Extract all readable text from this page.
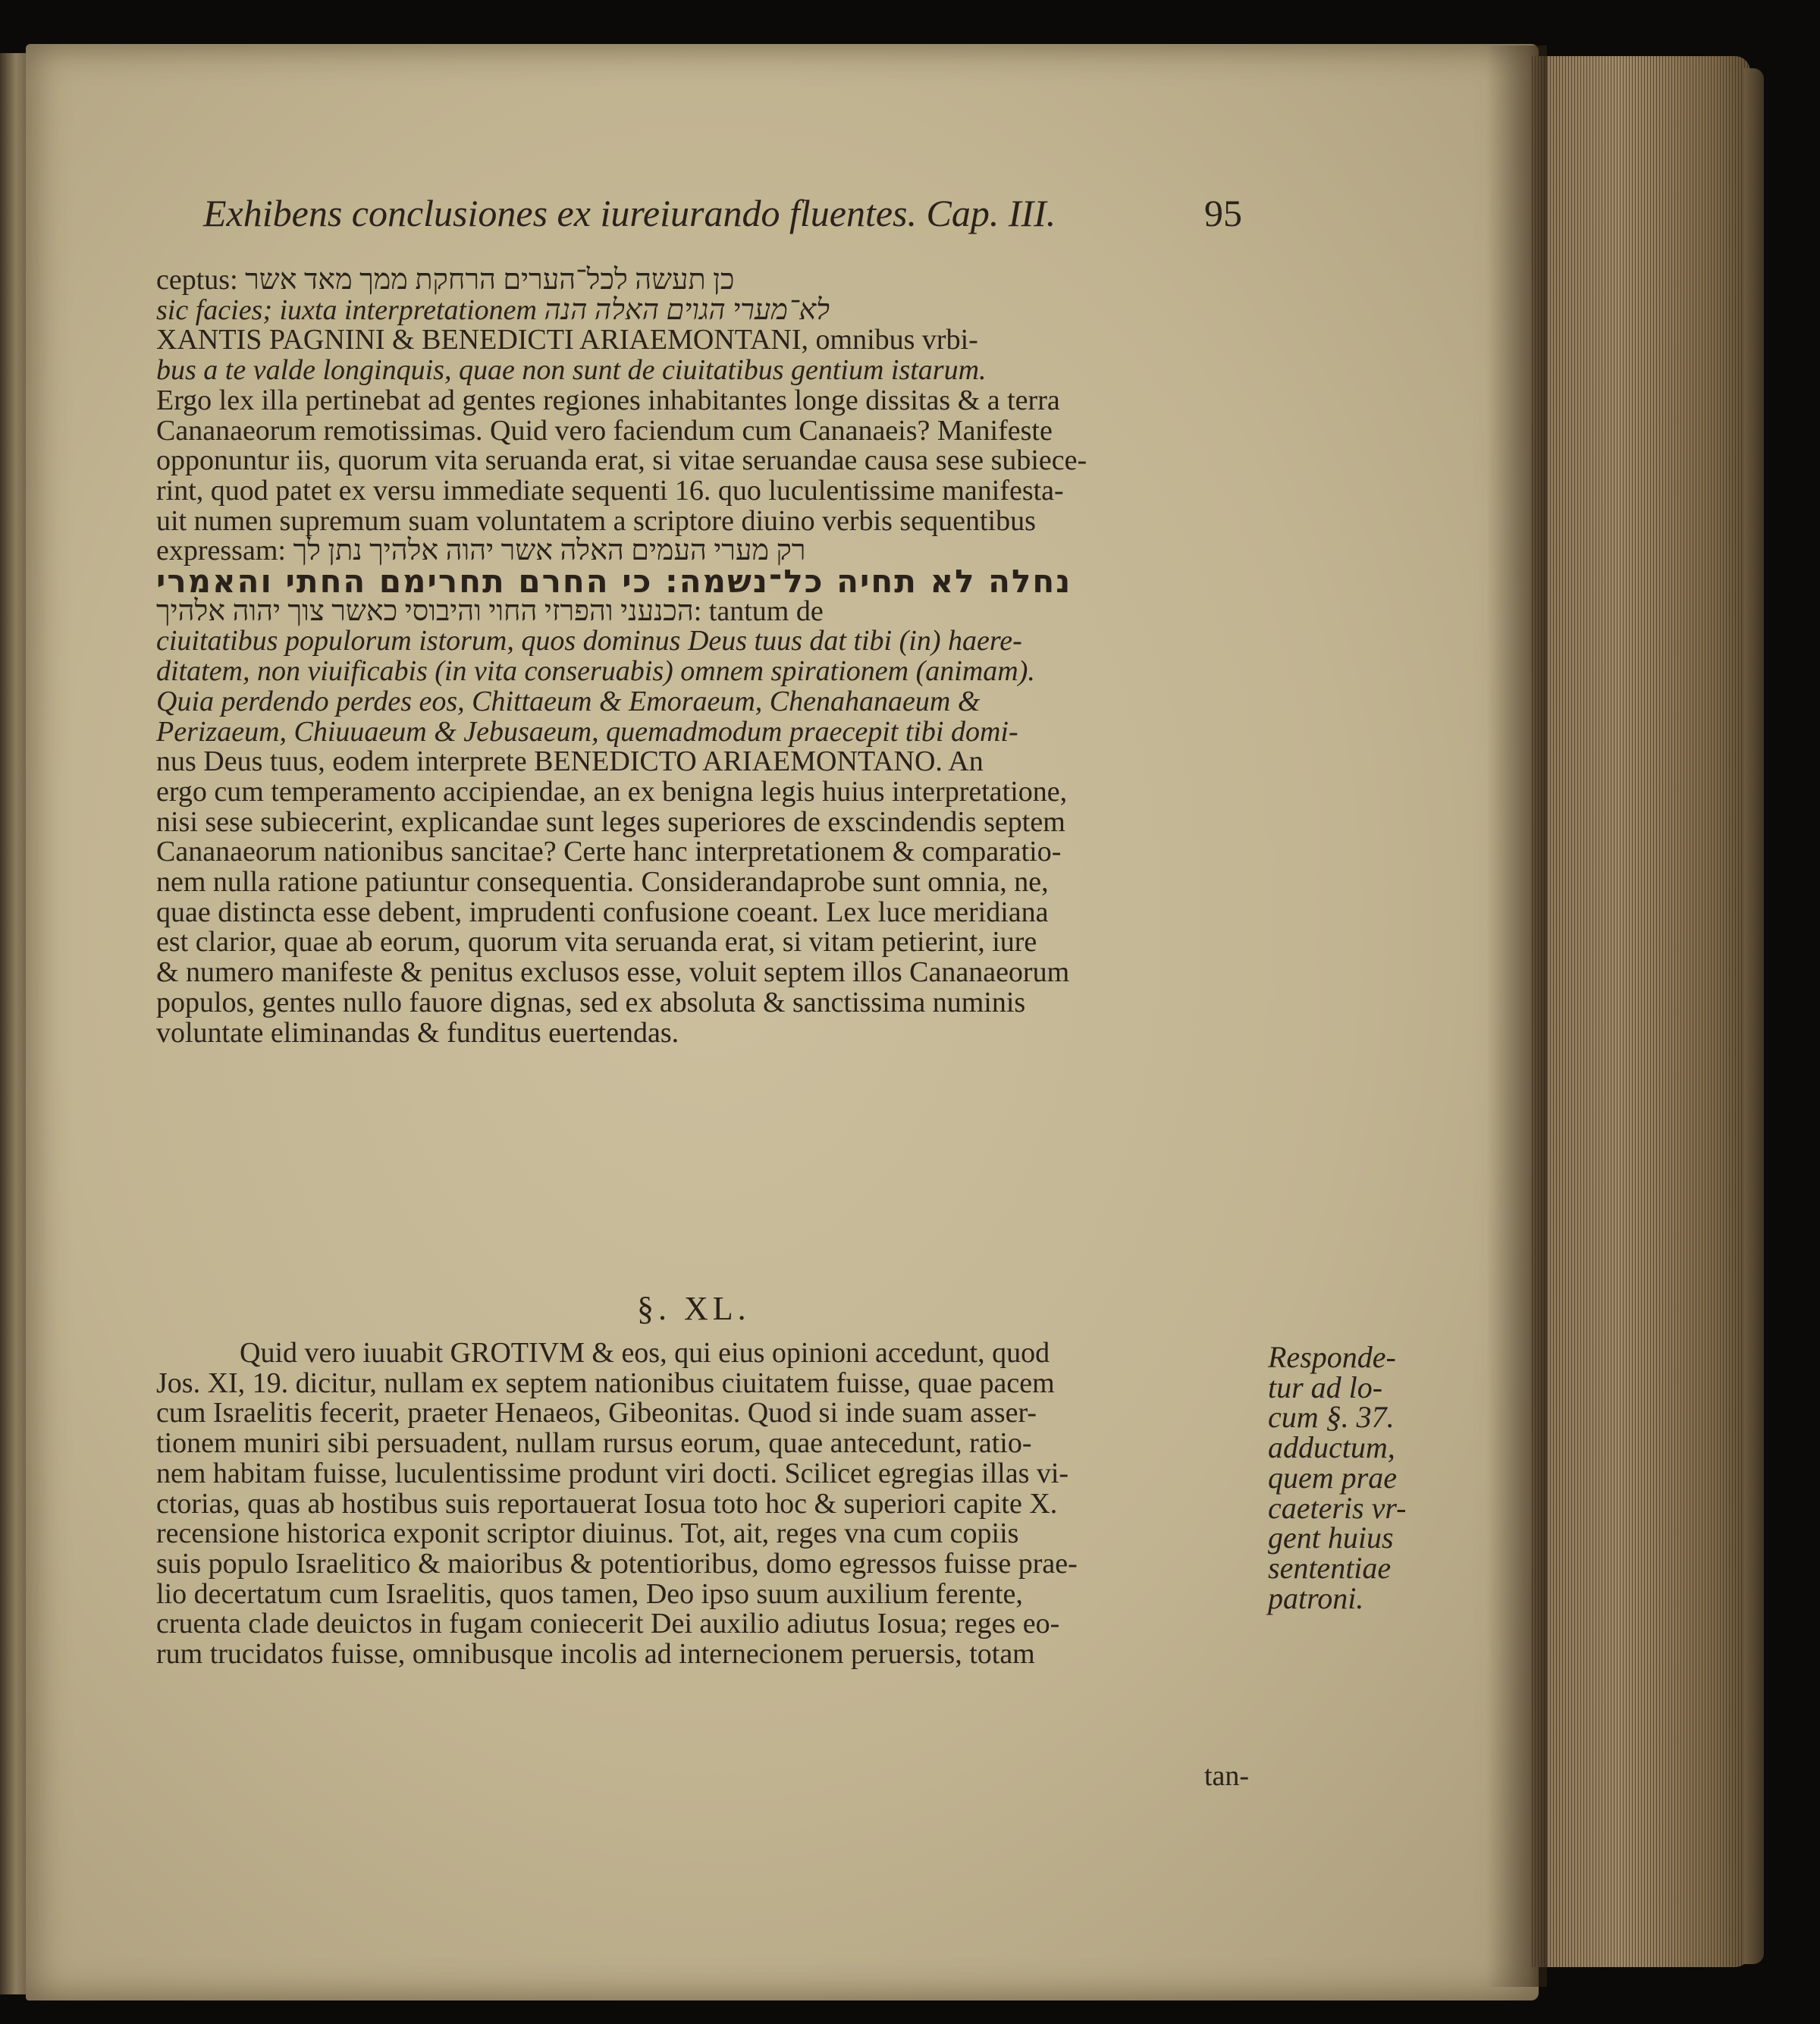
Exhibens conclusiones ex iureiurando fluentes. Cap. III.	95
ceptus: כן תעשה לכל־הערים הרחקת ממך מאד אשר
sic facies; iuxta interpretationem לא־מערי הגוים האלה הנה
XANTIS PAGNINI & BENEDICTI ARIAEMONTANI, omnibus vrbi-
bus a te valde longinquis, quae non sunt de ciuitatibus gentium istarum.
Ergo lex illa pertinebat ad gentes regiones inhabitantes longe dissitas & a terra
Cananaeorum remotissimas. Quid vero faciendum cum Cananaeis? Manifeste
opponuntur iis, quorum vita seruanda erat, si vitae seruandae causa sese subiece-
rint, quod patet ex versu immediate sequenti 16. quo luculentissime manifesta-
uit numen supremum suam voluntatem a scriptore diuino verbis sequentibus
expressam: רק מערי העמים האלה אשר יהוה אלהיך נתן לך
נחלה לא תחיה כל־נשמה: כי החרם תחרימם החתי והאמרי
הכנעני והפרזי החוי והיבוסי כאשר צוך יהוה אלהיך: tantum de
ciuitatibus populorum istorum, quos dominus Deus tuus dat tibi (in) haere-
ditatem, non viuificabis (in vita conseruabis) omnem spirationem (animam).
Quia perdendo perdes eos, Chittaeum & Emoraeum, Chenahanaeum &
Perizaeum, Chiuuaeum & Jebusaeum, quemadmodum praecepit tibi domi-
nus Deus tuus, eodem interprete BENEDICTO ARIAEMONTANO. An
ergo cum temperamento accipiendae, an ex benigna legis huius interpretatione,
nisi sese subiecerint, explicandae sunt leges superiores de exscindendis septem
Cananaeorum nationibus sancitae? Certe hanc interpretationem & comparatio-
nem nulla ratione patiuntur consequentia. Considerandaprobe sunt omnia, ne,
quae distincta esse debent, imprudenti confusione coeant. Lex luce meridiana
est clarior, quae ab eorum, quorum vita seruanda erat, si vitam petierint, iure
& numero manifeste & penitus exclusos esse, voluit septem illos Cananaeorum
populos, gentes nullo fauore dignas, sed ex absoluta & sanctissima numinis
voluntate eliminandas & funditus euertendas.
§. XL.
Quid vero iuuabit GROTIVM & eos, qui eius opinioni accedunt, quod
Jos. XI, 19. dicitur, nullam ex septem nationibus ciuitatem fuisse, quae pacem
cum Israelitis fecerit, praeter Henaeos, Gibeonitas. Quod si inde suam asser-
tionem muniri sibi persuadent, nullam rursus eorum, quae antecedunt, ratio-
nem habitam fuisse, luculentissime produnt viri docti. Scilicet egregias illas vi-
ctorias, quas ab hostibus suis reportauerat Iosua toto hoc & superiori capite X.
recensione historica exponit scriptor diuinus. Tot, ait, reges vna cum copiis
suis populo Israelitico & maioribus & potentioribus, domo egressos fuisse prae-
lio decertatum cum Israelitis, quos tamen, Deo ipso suum auxilium ferente,
cruenta clade deuictos in fugam coniecerit Dei auxilio adiutus Iosua; reges eo-
rum trucidatos fuisse, omnibusque incolis ad internecionem peruersis, totam
Responde-
tur ad lo-
cum §. 37.
adductum,
quem prae
caeteris vr-
gent huius
sententiae
patroni.
tan-
